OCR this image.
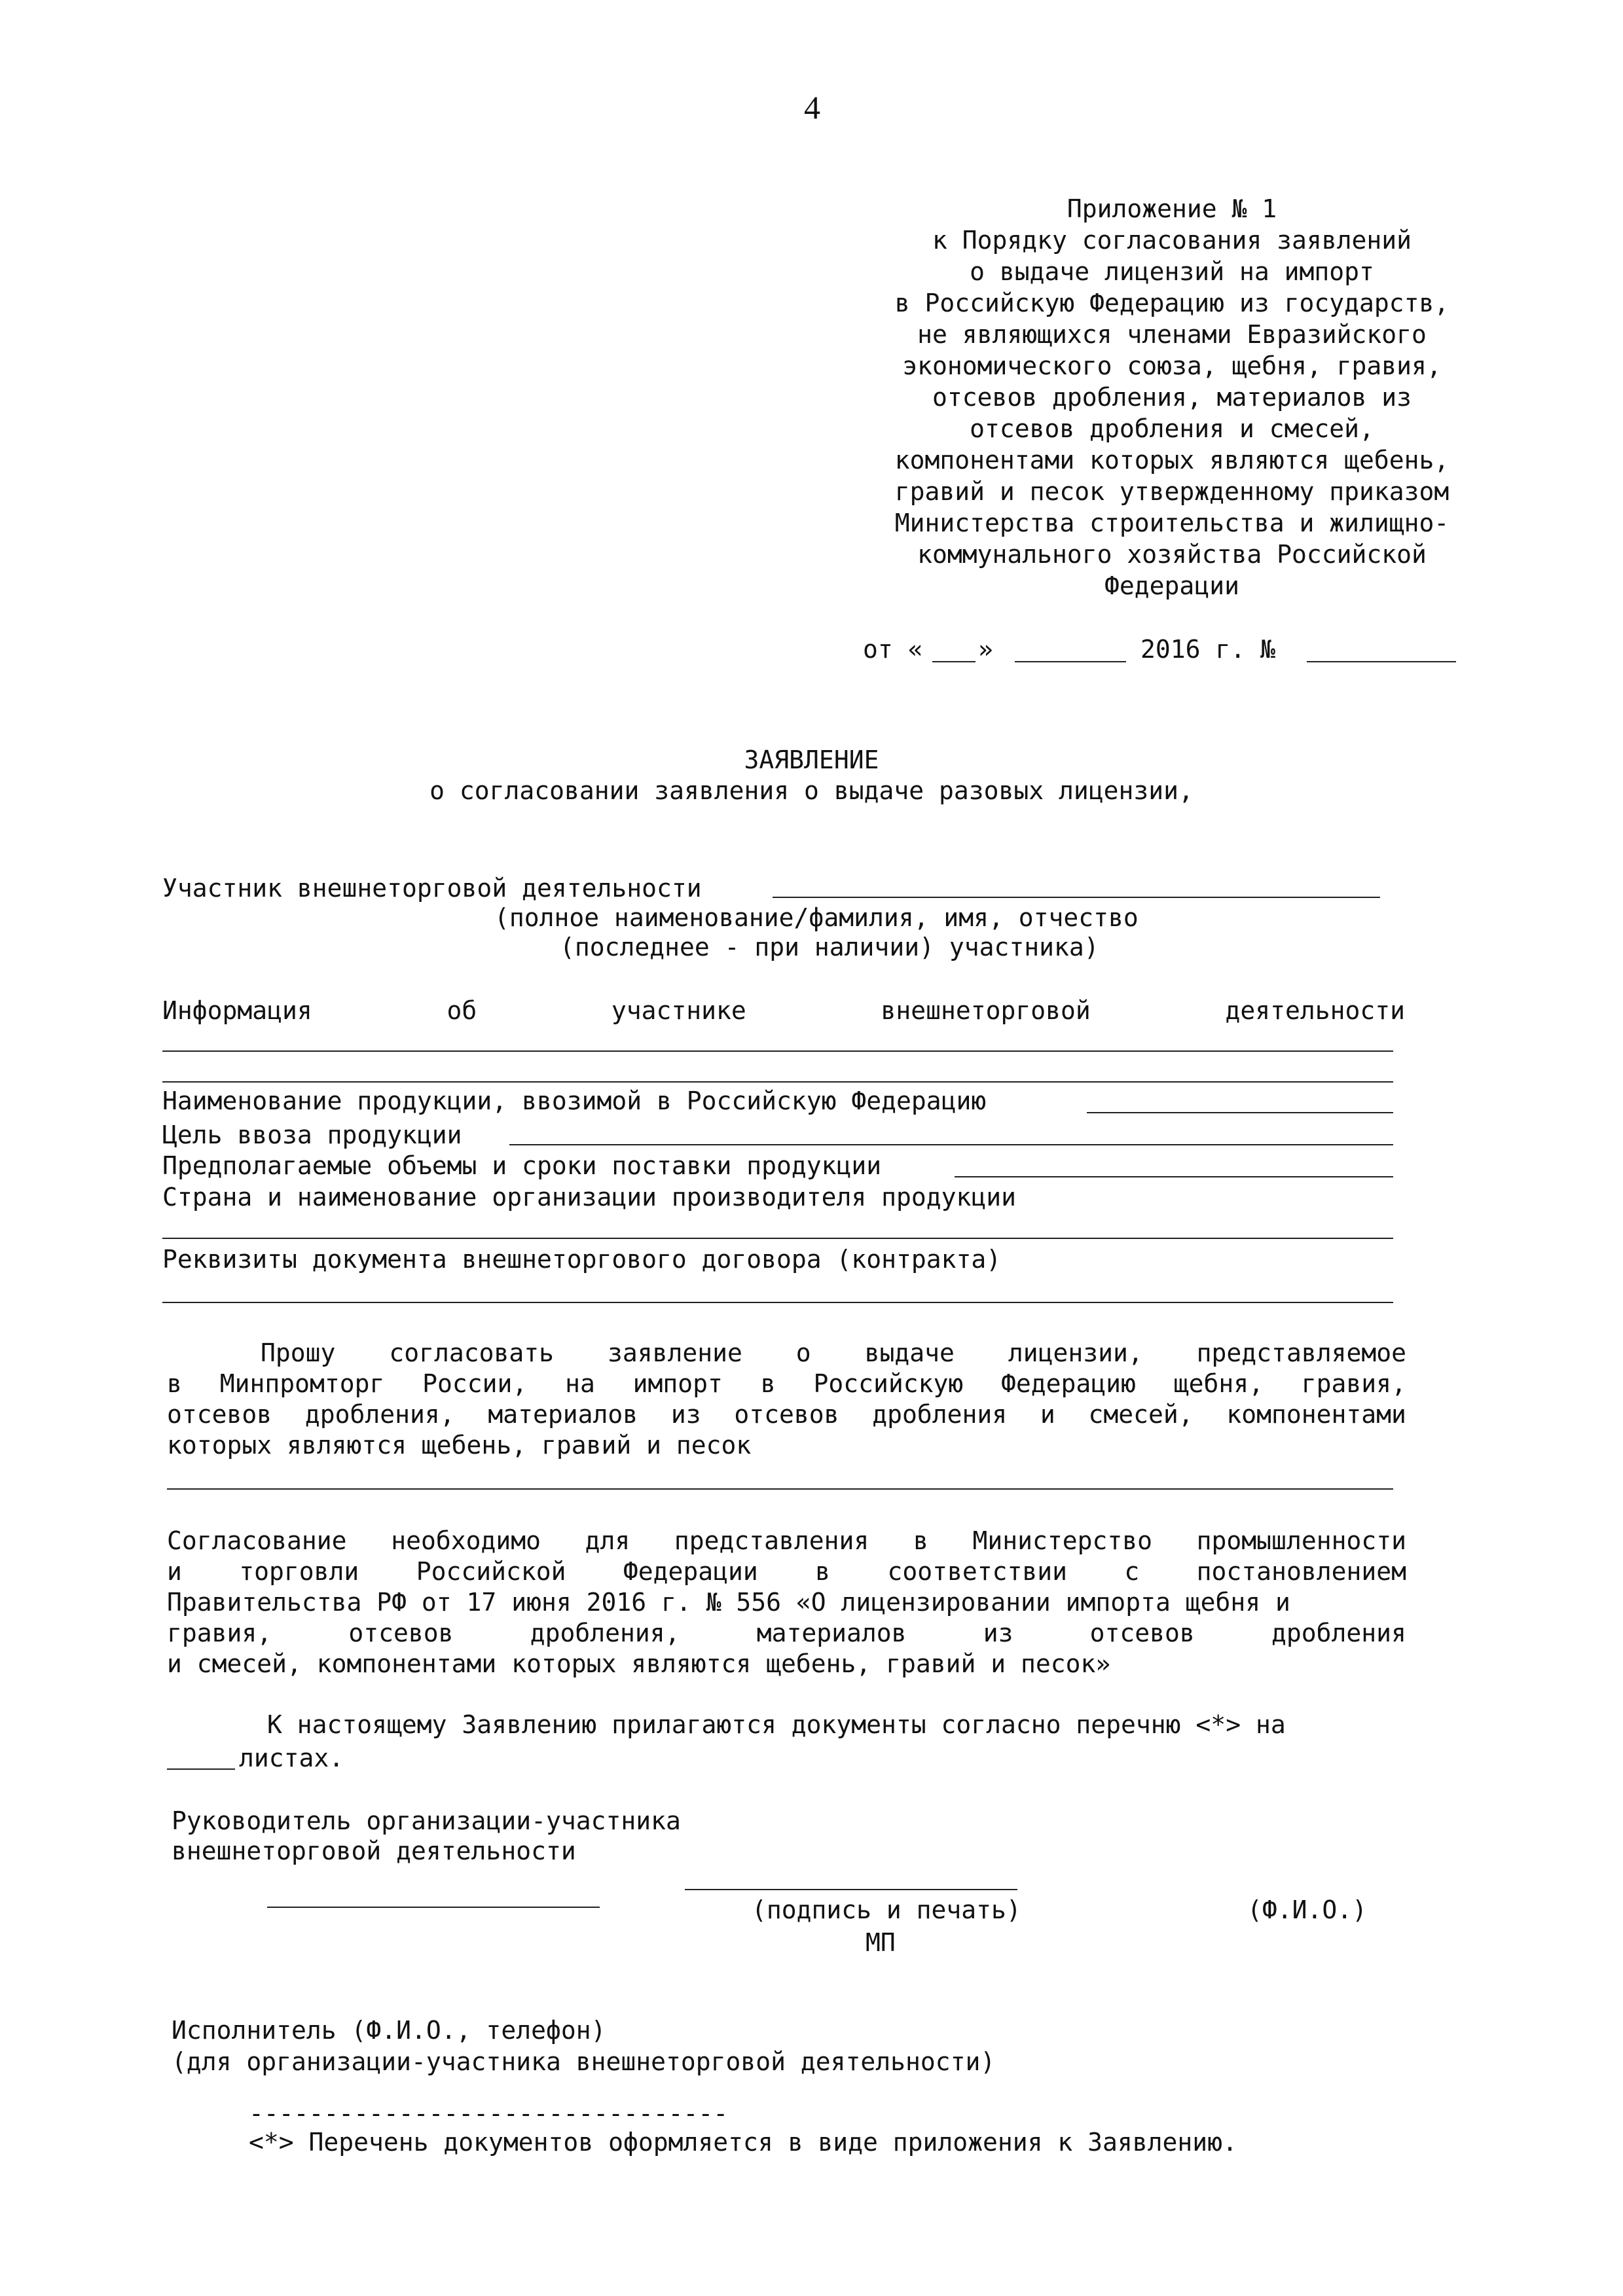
4
Приложение № 1
к Порядку согласования заявлений
о выдаче лицензий на импорт
в Российскую Федерацию из государств,
не являющихся членами Евразийского
экономического союза, щебня, гравия,
отсевов дробления, материалов из
отсевов дробления и смесей,
компонентами которых являются щебень,
гравий и песок утвержденному приказом
Министерства строительства и жилищно-
коммунального хозяйства Российской
Федерации
от « »	2016 г. №
ЗАЯВЛЕНИЕ
о согласовании заявления о выдаче разовых лицензии,
Участник внешнеторговой деятельности
(полное наименование/фамилия, имя, отчество
(последнее - при наличии) участника)
Информация	об	участнике	внешнеторговой	деятельности
Наименование продукции, ввозимой в Российскую Федерацию
Цель ввоза продукции
Предполагаемые объемы и сроки поставки продукции
Страна и наименование организации производителя продукции
Реквизиты документа внешнеторгового договора (контракта)
Прошу согласовать заявление о выдаче лицензии, представляемое
в Минпромторг России, на импорт в Российскую Федерацию щебня, гравия,
отсевов дробления, материалов из отсевов дробления и смесей, компонентами
которых являются щебень, гравий и песок
Согласование необходимо для представления в Министерство промышленности
и торговли Российской Федерации в соответствии с постановлением
Правительства РФ от 17 июня 2016 г. № 556 «О лицензировании импорта щебня и
гравия,	отсевов	дробления,	материалов	из	отсевов	дробления
и смесей, компонентами которых являются щебень, гравий и песок»
К настоящему Заявлению прилагаются документы согласно перечню <*> на
листах.
Руководитель организации-участника
внешнеторговой деятельности
(подпись и печать)	(Ф.И.О.)
МП
Исполнитель (Ф.И.О., телефон)
(для организации-участника внешнеторговой деятельности)
--------------------------------
<*> Перечень документов оформляется в виде приложения к Заявлению.
